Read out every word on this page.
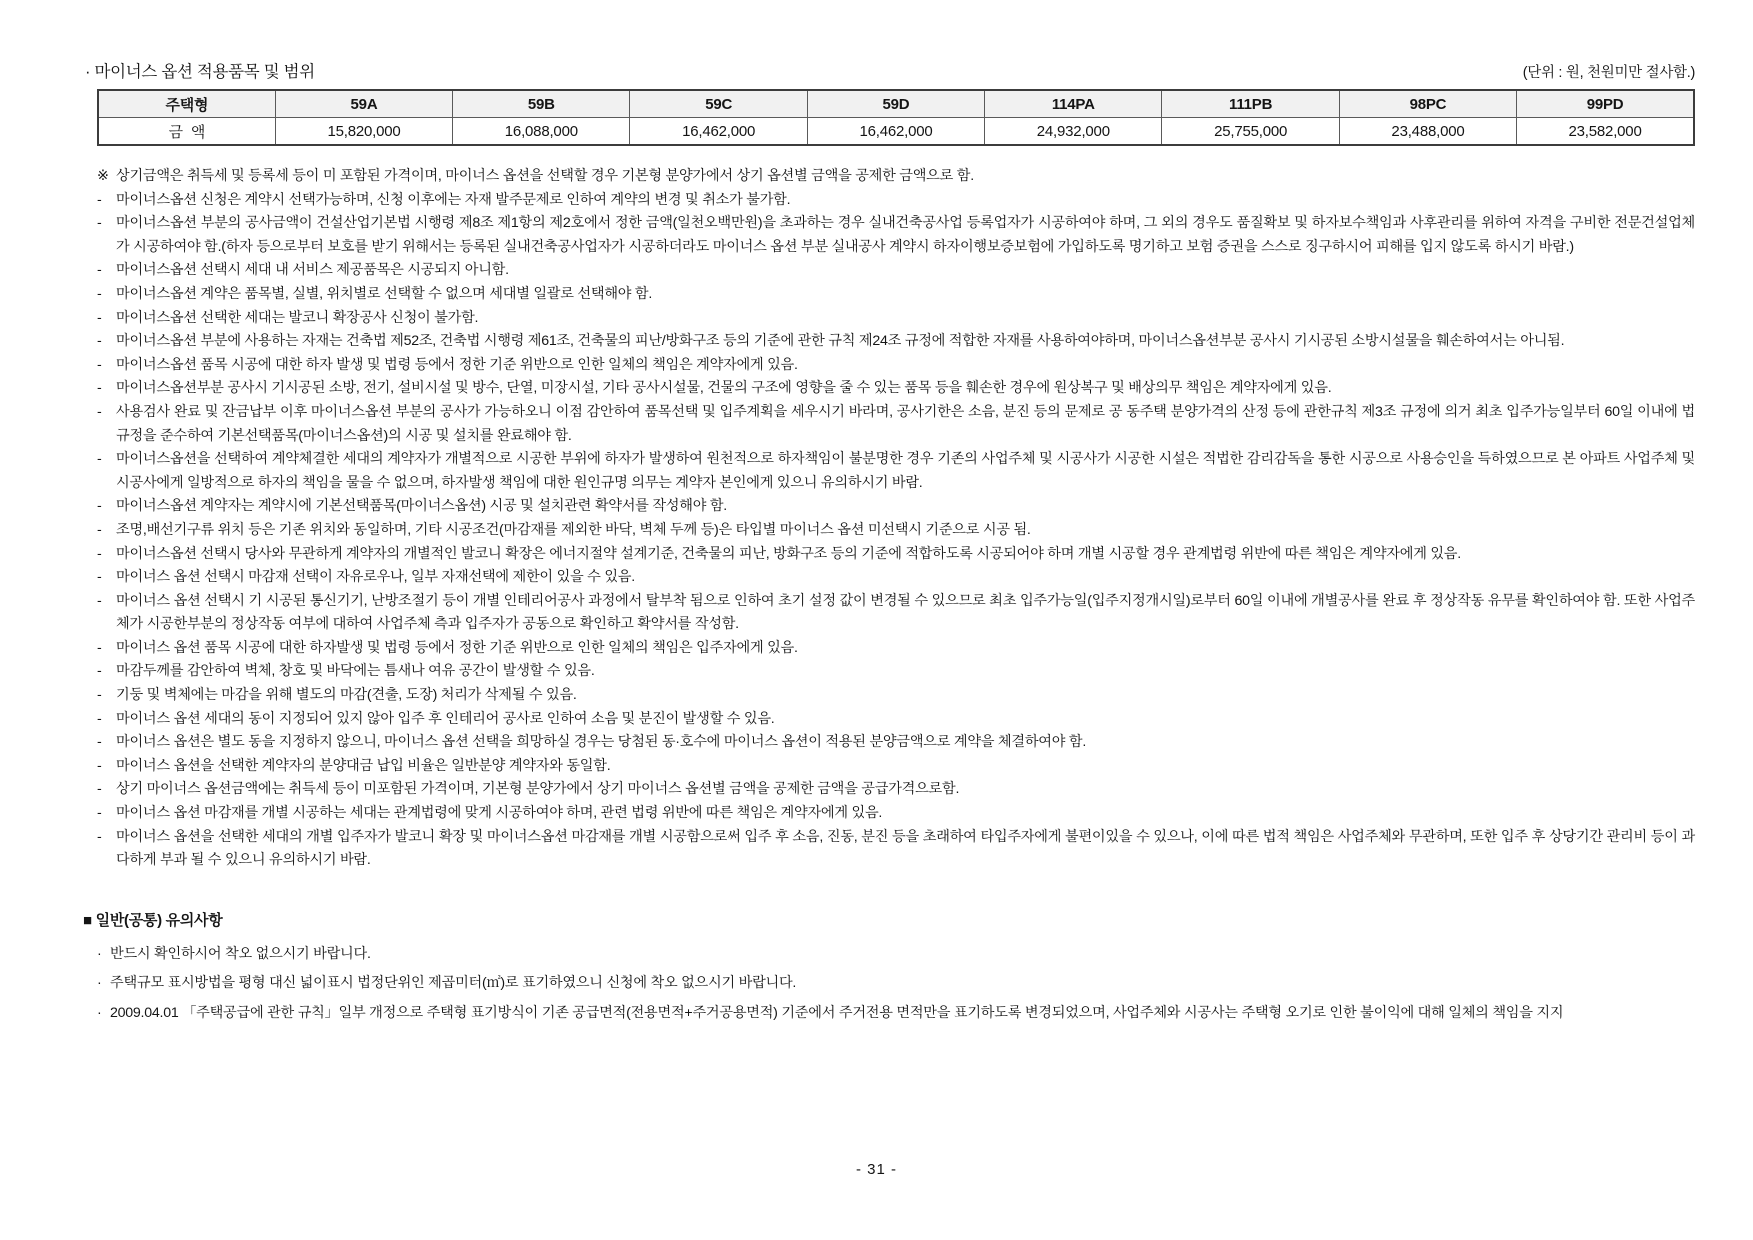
· 마이너스 옵션 적용품목 및 범위	(단위 : 원, 천원미만 절사함.)
주택형	59A	59B	59C	59D	114PA	111PB	98PC	99PD
금  액	15,820,000	16,088,000	16,462,000	16,462,000	24,932,000	25,755,000	23,488,000	23,582,000
※ 상기금액은 취득세 및 등록세 등이 미 포함된 가격이며, 마이너스 옵션을 선택할 경우 기본형 분양가에서 상기 옵션별 금액을 공제한 금액으로 함.
- 마이너스옵션 신청은 계약시 선택가능하며, 신청 이후에는 자재 발주문제로 인하여 계약의 변경 및 취소가 불가함.
- 마이너스옵션 부분의 공사금액이 건설산업기본법 시행령 제8조 제1항의 제2호에서 정한 금액(일천오백만원)을 초과하는 경우 실내건축공사업 등록업자가 시공하여야 하며, 그 외의 경우도 품질확보 및 하자보수책임과 사후관리를 위하여 자격을 구비한 전문건설업체가 시공하여야 함.(하자 등으로부터 보호를 받기 위해서는 등록된 실내건축공사업자가 시공하더라도 마이너스 옵션 부분 실내공사 계약시 하자이행보증보험에 가입하도록 명기하고 보험 증권을 스스로 징구하시어 피해를 입지 않도록 하시기 바람.)
- 마이너스옵션 선택시 세대 내 서비스 제공품목은 시공되지 아니함.
- 마이너스옵션 계약은 품목별, 실별, 위치별로 선택할 수 없으며 세대별 일괄로 선택해야 함.
- 마이너스옵션 선택한 세대는 발코니 확장공사 신청이 불가함.
- 마이너스옵션 부분에 사용하는 자재는 건축법 제52조, 건축법 시행령 제61조, 건축물의 피난/방화구조 등의 기준에 관한 규칙 제24조 규정에 적합한 자재를 사용하여야하며, 마이너스옵션부분 공사시 기시공된 소방시설물을 훼손하여서는 아니됨.
- 마이너스옵션 품목 시공에 대한 하자 발생 및 법령 등에서 정한 기준 위반으로 인한 일체의 책임은 계약자에게 있음.
- 마이너스옵션부분 공사시 기시공된 소방, 전기, 설비시설 및 방수, 단열, 미장시설, 기타 공사시설물, 건물의 구조에 영향을 줄 수 있는 품목 등을 훼손한 경우에 원상복구 및 배상의무 책임은 계약자에게 있음.
- 사용검사 완료 및 잔금납부 이후 마이너스옵션 부분의 공사가 가능하오니 이점 감안하여 품목선택 및 입주계획을 세우시기 바라며, 공사기한은 소음, 분진 등의 문제로 공 동주택 분양가격의 산정 등에 관한규칙 제3조 규정에 의거 최초 입주가능일부터 60일 이내에 법규정을 준수하여 기본선택품목(마이너스옵션)의 시공 및 설치를 완료해야 함.
- 마이너스옵션을 선택하여 계약체결한 세대의 계약자가 개별적으로 시공한 부위에 하자가 발생하여 원천적으로 하자책임이 불분명한 경우 기존의 사업주체 및 시공사가 시공한 시설은 적법한 감리감독을 통한 시공으로 사용승인을 득하였으므로 본 아파트 사업주체 및 시공사에게 일방적으로 하자의 책임을 물을 수 없으며, 하자발생 책임에 대한 원인규명 의무는 계약자 본인에게 있으니 유의하시기 바람.
- 마이너스옵션 계약자는 계약시에 기본선택품목(마이너스옵션) 시공 및 설치관련 확약서를 작성해야 함.
- 조명,배선기구류 위치 등은 기존 위치와 동일하며, 기타 시공조건(마감재를 제외한 바닥, 벽체 두께 등)은 타입별 마이너스 옵션 미선택시 기준으로 시공 됨.
- 마이너스옵션 선택시 당사와 무관하게 계약자의 개별적인 발코니 확장은 에너지절약 설계기준, 건축물의 피난, 방화구조 등의 기준에 적합하도록 시공되어야 하며 개별 시공할 경우 관계법령 위반에 따른 책임은 계약자에게 있음.
- 마이너스 옵션 선택시 마감재 선택이 자유로우나, 일부 자재선택에 제한이 있을 수 있음.
- 마이너스 옵션 선택시 기 시공된 통신기기, 난방조절기 등이 개별 인테리어공사 과정에서 탈부착 됨으로 인하여 초기 설정 값이 변경될 수 있으므로 최초 입주가능일(입주지정개시일)로부터 60일 이내에 개별공사를 완료 후 정상작동 유무를 확인하여야 함. 또한 사업주체가 시공한부분의 정상작동 여부에 대하여 사업주체 측과 입주자가 공동으로 확인하고 확약서를 작성함.
- 마이너스 옵션 품목 시공에 대한 하자발생 및 법령 등에서 정한 기준 위반으로 인한 일체의 책임은 입주자에게 있음.
- 마감두께를 감안하여 벽체, 창호 및 바닥에는 틈새나 여유 공간이 발생할 수 있음.
- 기둥 및 벽체에는 마감을 위해 별도의 마감(견출, 도장) 처리가 삭제될 수 있음.
- 마이너스 옵션 세대의 동이 지정되어 있지 않아 입주 후 인테리어 공사로 인하여 소음 및 분진이 발생할 수 있음.
- 마이너스 옵션은 별도 동을 지정하지 않으니, 마이너스 옵션 선택을 희망하실 경우는 당첨된 동·호수에 마이너스 옵션이 적용된 분양금액으로 계약을 체결하여야 함.
- 마이너스 옵션을 선택한 계약자의 분양대금 납입 비율은 일반분양 계약자와 동일함.
- 상기 마이너스 옵션금액에는 취득세 등이 미포함된 가격이며, 기본형 분양가에서 상기 마이너스 옵션별 금액을 공제한 금액을 공급가격으로함.
- 마이너스 옵션 마감재를 개별 시공하는 세대는 관계법령에 맞게 시공하여야 하며, 관련 법령 위반에 따른 책임은 계약자에게 있음.
- 마이너스 옵션을 선택한 세대의 개별 입주자가 발코니 확장 및 마이너스옵션 마감재를 개별 시공함으로써 입주 후 소음, 진동, 분진 등을 초래하여 타입주자에게 불편이있을 수 있으나, 이에 따른 법적 책임은 사업주체와 무관하며, 또한 입주 후 상당기간 관리비 등이 과다하게 부과 될 수 있으니 유의하시기 바람.
■ 일반(공통) 유의사항
· 반드시 확인하시어 착오 없으시기 바랍니다.
· 주택규모 표시방법을 평형 대신 넓이표시 법정단위인 제곱미터(㎡)로 표기하였으니 신청에 착오 없으시기 바랍니다.
· 2009.04.01 「주택공급에 관한 규칙」일부 개정으로 주택형 표기방식이 기존 공급면적(전용면적+주거공용면적) 기준에서 주거전용 면적만을 표기하도록 변경되었으며, 사업주체와 시공사는 주택형 오기로 인한 불이익에 대해 일체의 책임을 지지
- 31 -
